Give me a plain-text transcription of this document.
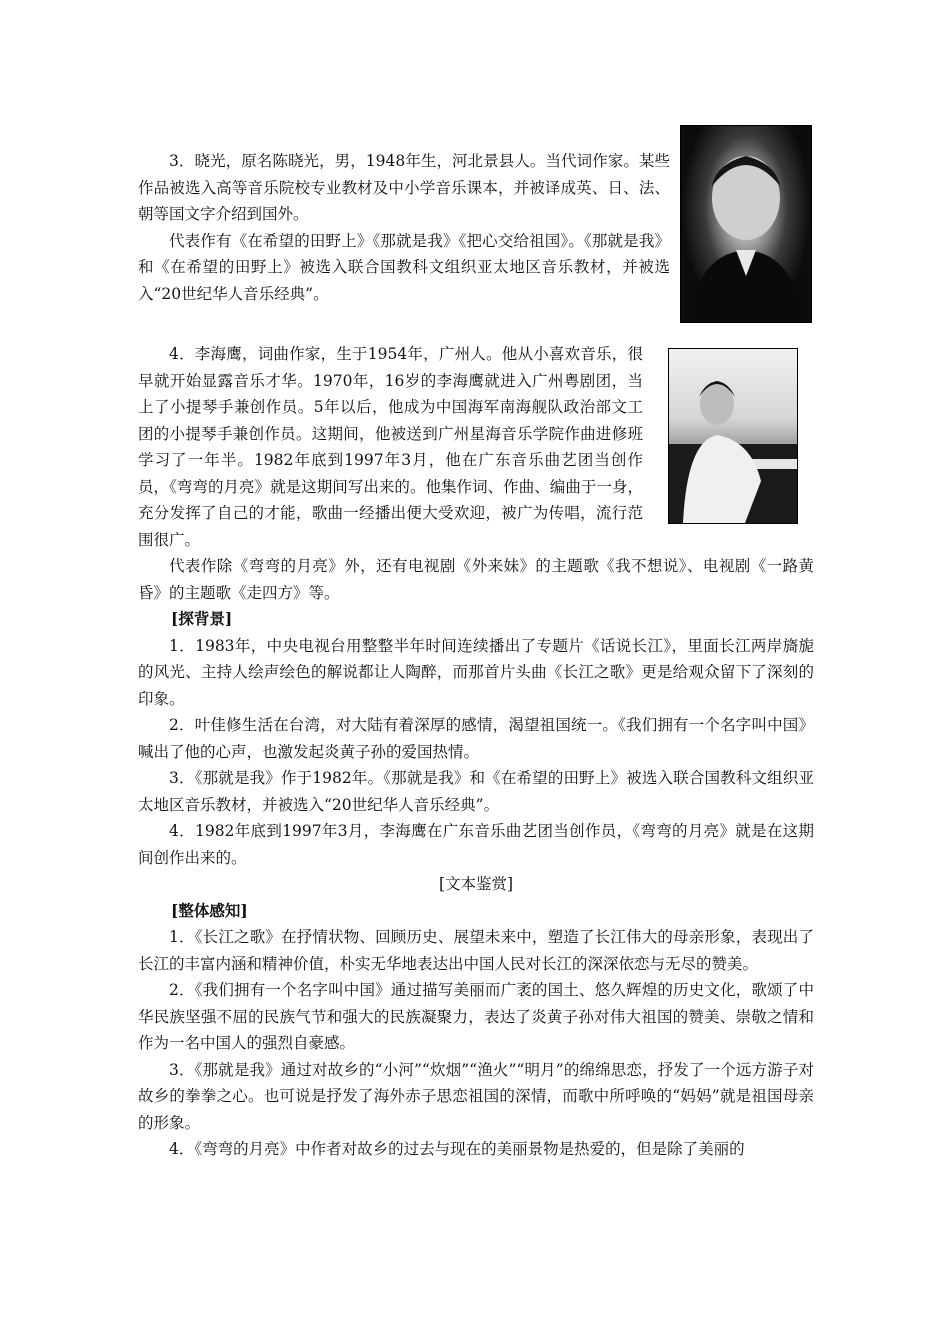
3．晓光，原名陈晓光，男，1948年生，河北景县人。当代词作家。某些作品被选入高等音乐院校专业教材及中小学音乐课本，并被译成英、日、法、朝等国文字介绍到国外。

代表作有《在希望的田野上》《那就是我》《把心交给祖国》。《那就是我》和《在希望的田野上》被选入联合国教科文组织亚太地区音乐教材，并被选入“20世纪华人音乐经典”。

4．李海鹰，词曲作家，生于1954年，广州人。他从小喜欢音乐，很早就开始显露音乐才华。1970年，16岁的李海鹰就进入广州粤剧团，当上了小提琴手兼创作员。5年以后，他成为中国海军南海舰队政治部文工团的小提琴手兼创作员。这期间，他被送到广州星海音乐学院作曲进修班学习了一年半。1982年底到1997年3月，他在广东音乐曲艺团当创作员，《弯弯的月亮》就是这期间写出来的。他集作词、作曲、编曲于一身，充分发挥了自己的才能，歌曲一经播出便大受欢迎，被广为传唱，流行范围很广。

代表作除《弯弯的月亮》外，还有电视剧《外来妹》的主题歌《我不想说》、电视剧《一路黄昏》的主题歌《走四方》等。

[探背景]

1．1983年，中央电视台用整整半年时间连续播出了专题片《话说长江》，里面长江两岸旖旎的风光、主持人绘声绘色的解说都让人陶醉，而那首片头曲《长江之歌》更是给观众留下了深刻的印象。

2．叶佳修生活在台湾，对大陆有着深厚的感情，渴望祖国统一。《我们拥有一个名字叫中国》喊出了他的心声，也激发起炎黄子孙的爱国热情。

3．《那就是我》作于1982年。《那就是我》和《在希望的田野上》被选入联合国教科文组织亚太地区音乐教材，并被选入“20世纪华人音乐经典”。

4．1982年底到1997年3月，李海鹰在广东音乐曲艺团当创作员，《弯弯的月亮》就是在这期间创作出来的。

[文本鉴赏]

[整体感知]

1．《长江之歌》在抒情状物、回顾历史、展望未来中，塑造了长江伟大的母亲形象，表现出了长江的丰富内涵和精神价值，朴实无华地表达出中国人民对长江的深深依恋与无尽的赞美。

2．《我们拥有一个名字叫中国》通过描写美丽而广袤的国土、悠久辉煌的历史文化，歌颂了中华民族坚强不屈的民族气节和强大的民族凝聚力，表达了炎黄子孙对伟大祖国的赞美、崇敬之情和作为一名中国人的强烈自豪感。

3．《那就是我》通过对故乡的“小河”“炊烟”“渔火”“明月”的绵绵思恋，抒发了一个远方游子对故乡的拳拳之心。也可说是抒发了海外赤子思恋祖国的深情，而歌中所呼唤的“妈妈”就是祖国母亲的形象。

4．《弯弯的月亮》中作者对故乡的过去与现在的美丽景物是热爱的，但是除了美丽的
